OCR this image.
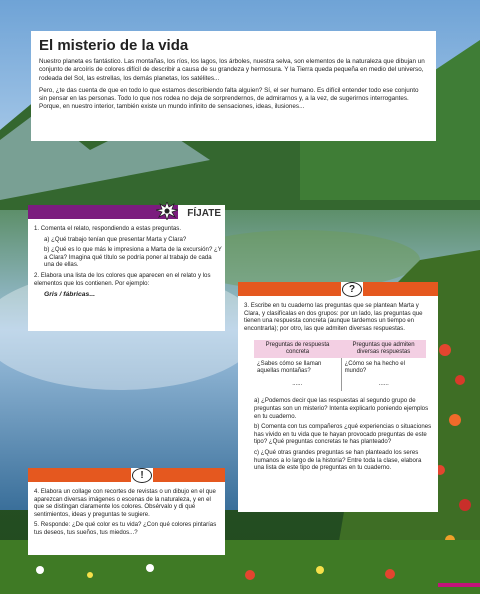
El misterio de la vida

Nuestro planeta es fantástico. Las montañas, los ríos, los lagos, los árboles, nuestra selva, son elementos de la naturaleza que dibujan un conjunto de arcoíris de colores difícil de describir a causa de su grandeza y hermosura. Y la Tierra queda pequeña en medio del universo, rodeada del Sol, las estrellas, los demás planetas, los satélites...

Pero, ¿te das cuenta de que en todo lo que estamos describiendo falta alguien? Sí, el ser humano. Es difícil entender todo ese conjunto sin pensar en las personas. Todo lo que nos rodea no deja de sorprendernos, de admirarnos y, a la vez, de sugerirnos interrogantes. Porque, en nuestro interior, también existe un mundo infinito de sensaciones, ideas, ilusiones...

FÍJATE
1. Comenta el relato, respondiendo a estas preguntas.
a) ¿Qué trabajo tenían que presentar Marta y Clara?
b) ¿Qué es lo que más le impresiona a Marta de la excursión? ¿Y a Clara? Imagina qué título se podría poner al trabajo de cada una de ellas.
2. Elabora una lista de los colores que aparecen en el relato y los elementos que los contienen. Por ejemplo:
Gris / fábricas...	?
3. Escribe en tu cuaderno las preguntas que se plantean Marta y Clara, y clasifícalas en dos grupos: por un lado, las preguntas que tienen una respuesta concreta (aunque tardemos un tiempo en encontrarla); por otro, las que admiten diversas respuestas.
Preguntas de respuesta concreta	Preguntas que admiten diversas respuestas
¿Sabes cómo se llaman aquellas montañas?	¿Cómo se ha hecho el mundo?
......	......
a) ¿Podemos decir que las respuestas al segundo grupo de preguntas son un misterio? Intenta explicarlo poniendo ejemplos en tu cuaderno.
b) Comenta con tus compañeros ¿qué experiencias o situaciones has vivido en tu vida que te hayan provocado preguntas de este tipo? ¿Qué preguntas concretas te has planteado?
c) ¿Qué otras grandes preguntas se han planteado los seres humanos a lo largo de la historia? Entre toda la clase, elabora una lista de este tipo de preguntas en tu cuaderno.
!
4. Elabora un collage con recortes de revistas o un dibujo en el que aparezcan diversas imágenes o escenas de la naturaleza, y en el que se distingan claramente los colores. Obsérvalo y di qué sentimientos, ideas y preguntas te sugiere.
5. Responde: ¿De qué color es tu vida? ¿Con qué colores pintarías tus deseos, tus sueños, tus miedos...?
